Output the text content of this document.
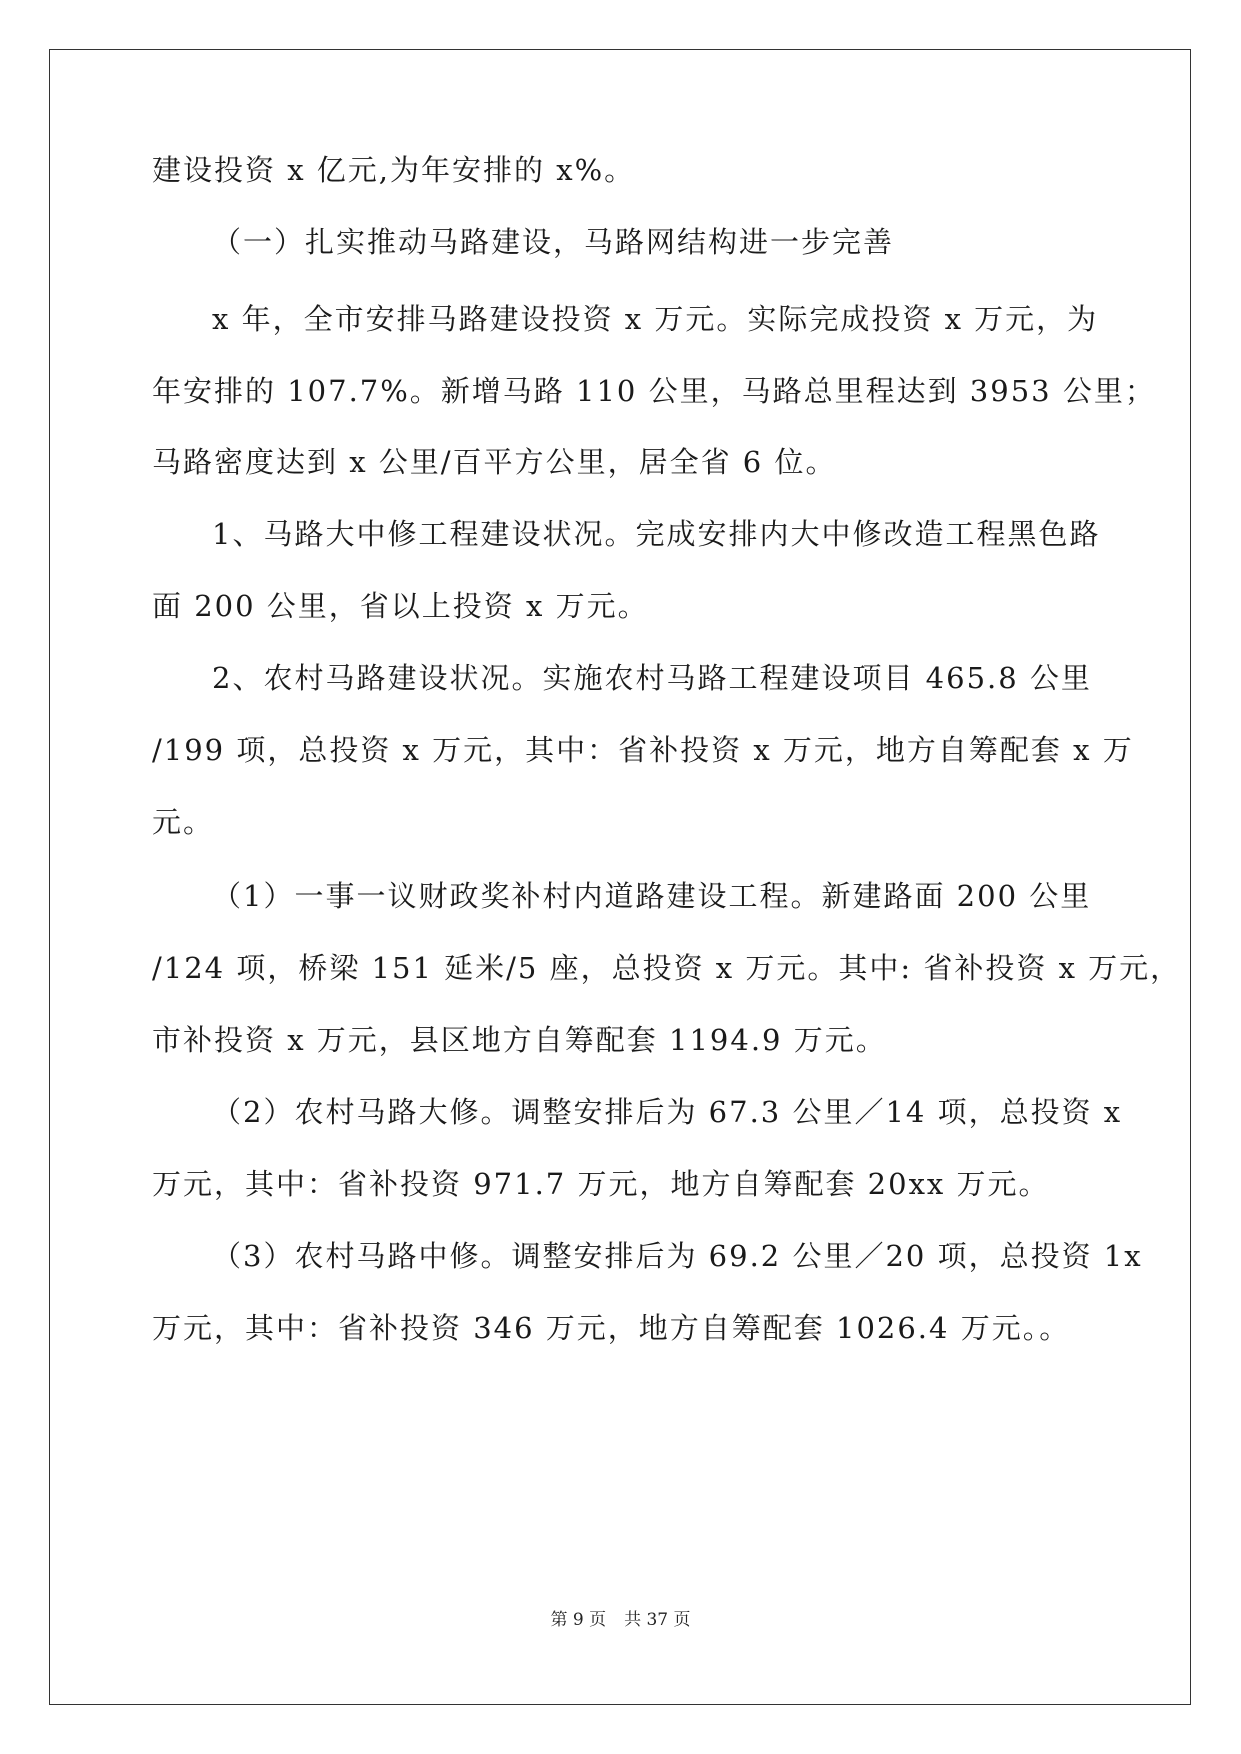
建设投资 x 亿元,为年安排的 x%。
（一）扎实推动马路建设，马路网结构进一步完善
x 年，全市安排马路建设投资 x 万元。实际完成投资 x 万元，为
年安排的 107.7%。新增马路 110 公里，马路总里程达到 3953 公里；
马路密度达到 x 公里/百平方公里，居全省 6 位。
1、马路大中修工程建设状况。完成安排内大中修改造工程黑色路
面 200 公里，省以上投资 x 万元。
2、农村马路建设状况。实施农村马路工程建设项目 465.8 公里
/199 项，总投资 x 万元，其中：省补投资 x 万元，地方自筹配套 x 万
元。
（1）一事一议财政奖补村内道路建设工程。新建路面 200 公里
/124 项，桥梁 151 延米/5 座，总投资 x 万元。其中: 省补投资 x 万元，
市补投资 x 万元，县区地方自筹配套 1194.9 万元。
（2）农村马路大修。调整安排后为 67.3 公里／14 项，总投资 x
万元，其中：省补投资 971.7 万元，地方自筹配套 20xx 万元。
（3）农村马路中修。调整安排后为 69.2 公里／20 项，总投资 1x
万元，其中：省补投资 346 万元，地方自筹配套 1026.4 万元。。
第 9 页 共 37 页
